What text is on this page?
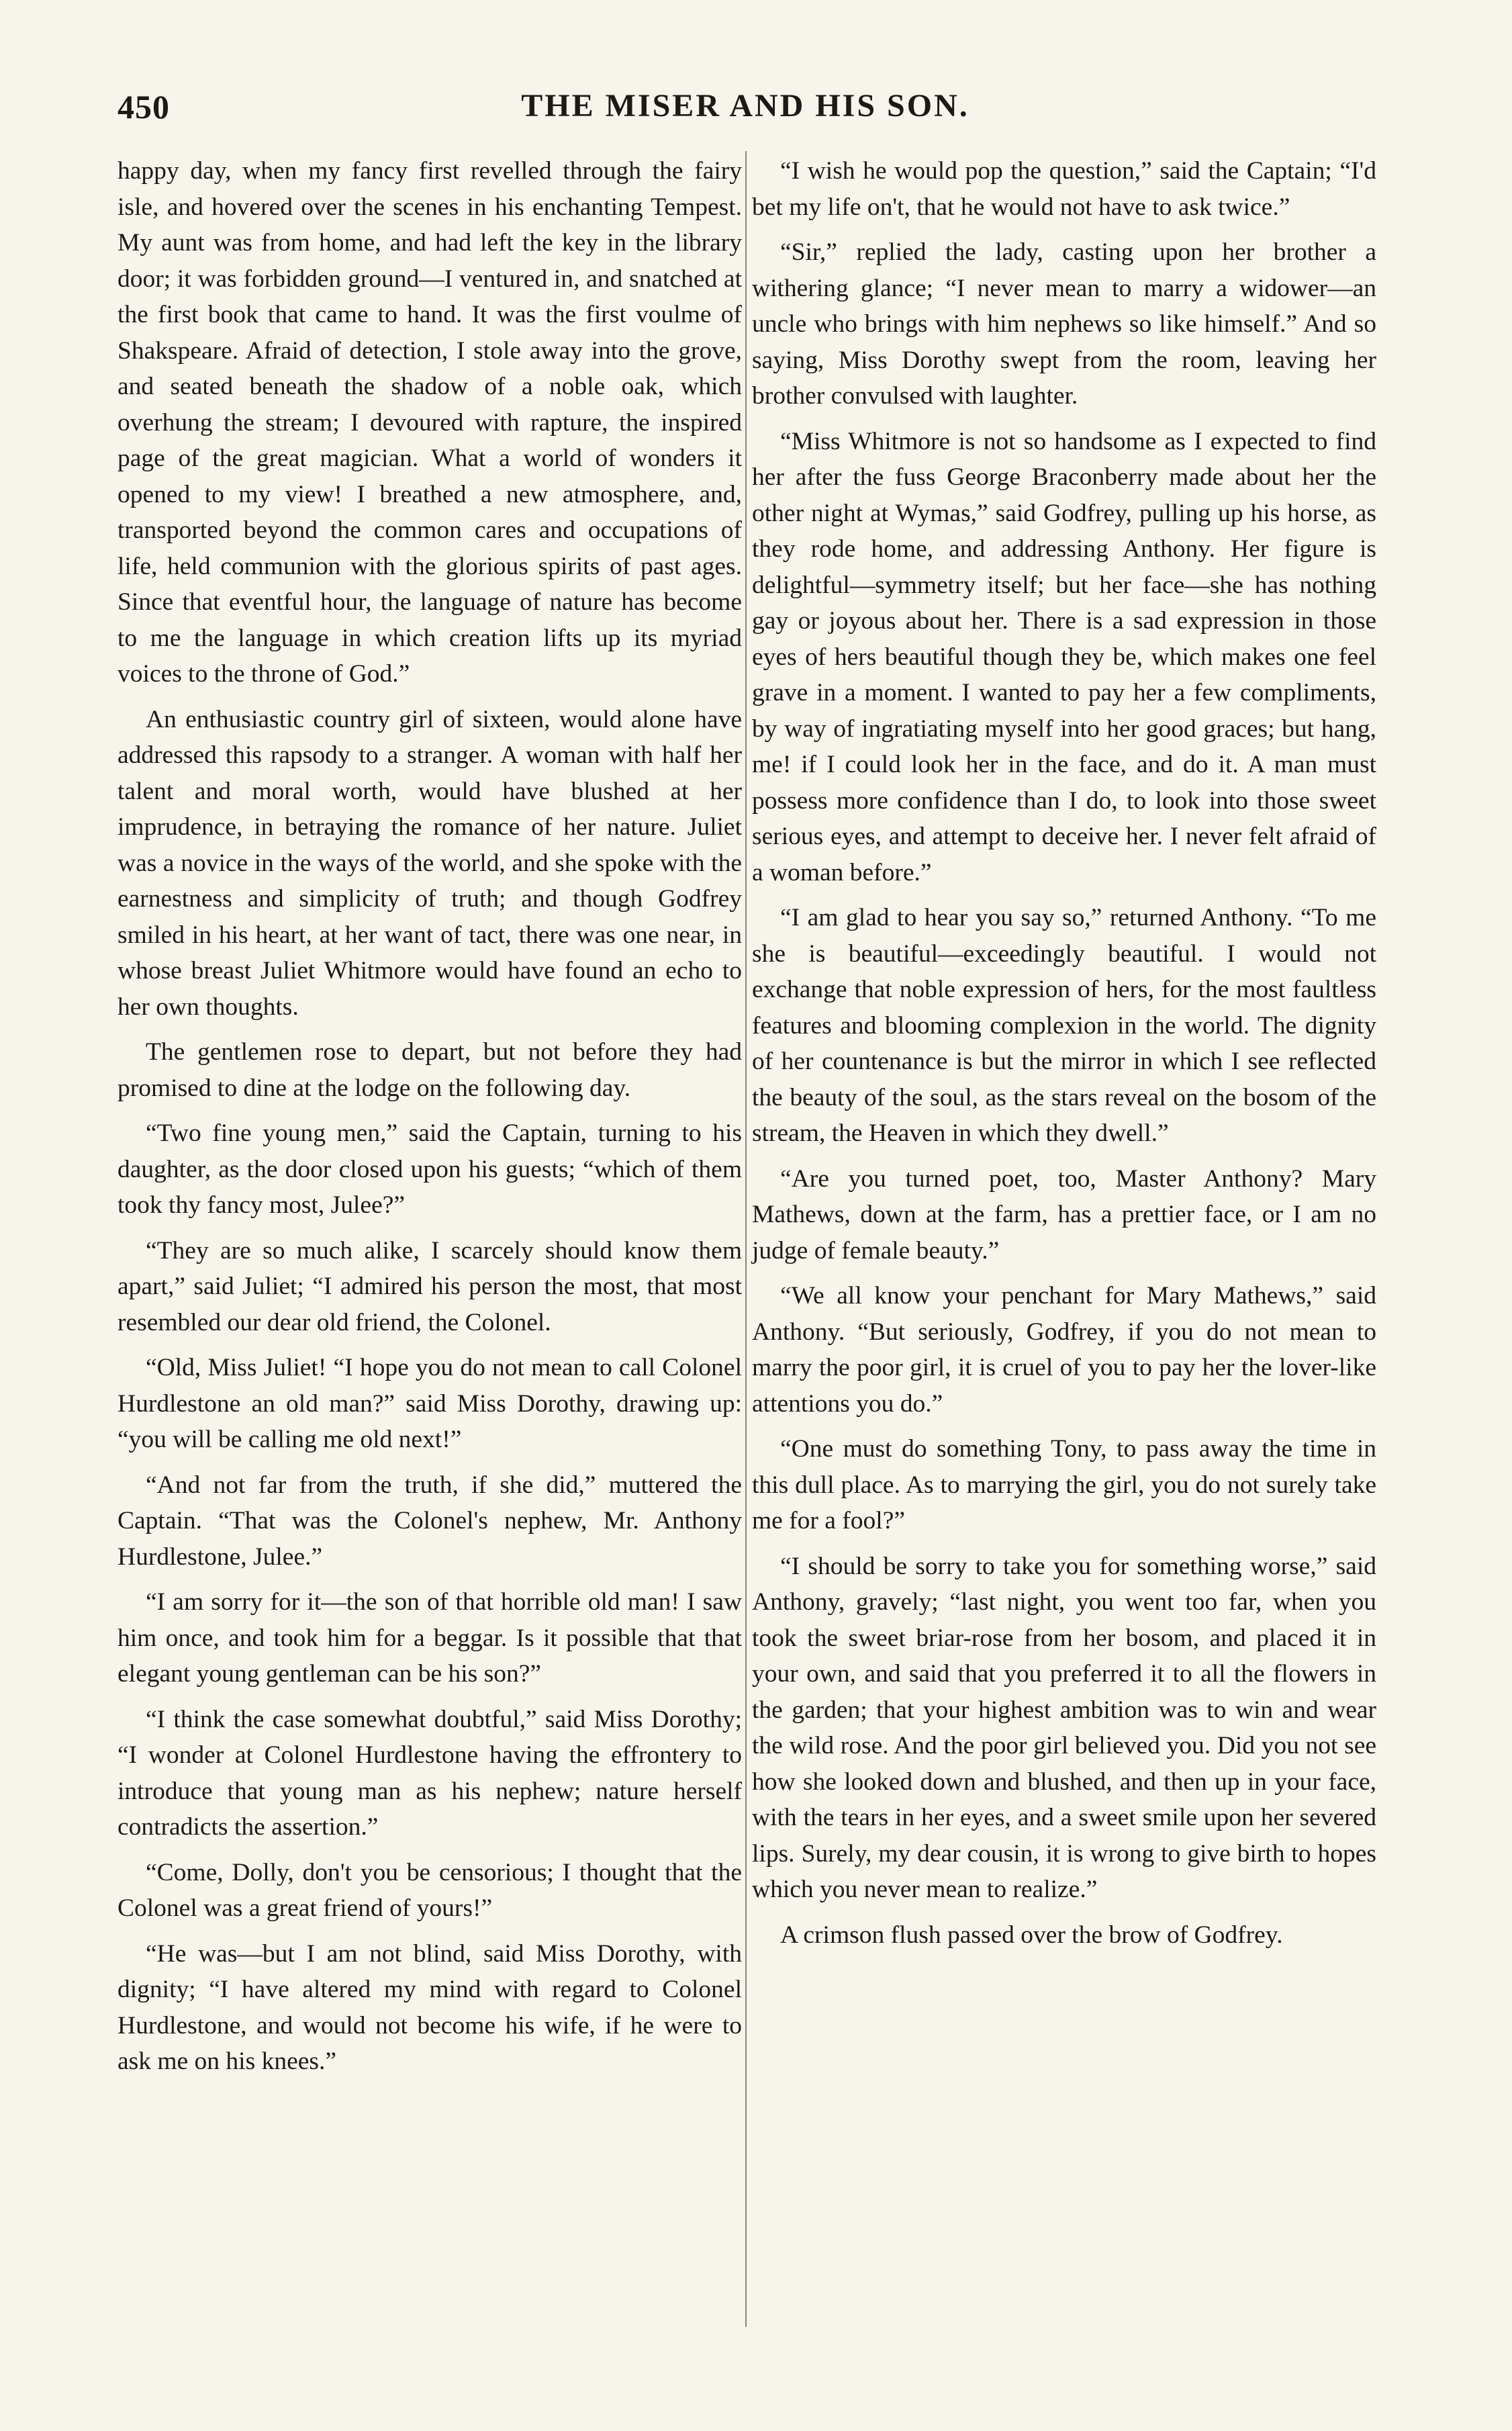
450	THE MISER AND HIS SON.

happy day, when my fancy first revelled through the fairy isle, and hovered over the scenes in his enchanting Tempest. My aunt was from home, and had left the key in the library door; it was forbidden ground—I ventured in, and snatched at the first book that came to hand. It was the first voulme of Shakspeare. Afraid of detection, I stole away into the grove, and seated beneath the shadow of a noble oak, which overhung the stream; I devoured with rapture, the inspired page of the great magician. What a world of wonders it opened to my view! I breathed a new atmosphere, and, transported beyond the common cares and occupations of life, held communion with the glorious spirits of past ages. Since that eventful hour, the language of nature has become to me the language in which creation lifts up its myriad voices to the throne of God.”

An enthusiastic country girl of sixteen, would alone have addressed this rapsody to a stranger. A woman with half her talent and moral worth, would have blushed at her imprudence, in betraying the romance of her nature. Juliet was a novice in the ways of the world, and she spoke with the earnestness and simplicity of truth; and though Godfrey smiled in his heart, at her want of tact, there was one near, in whose breast Juliet Whitmore would have found an echo to her own thoughts.

The gentlemen rose to depart, but not before they had promised to dine at the lodge on the following day.

“Two fine young men,” said the Captain, turning to his daughter, as the door closed upon his guests; “which of them took thy fancy most, Julee?”

“They are so much alike, I scarcely should know them apart,” said Juliet; “I admired his person the most, that most resembled our dear old friend, the Colonel.

“Old, Miss Juliet! “I hope you do not mean to call Colonel Hurdlestone an old man?” said Miss Dorothy, drawing up: “you will be calling me old next!”

“And not far from the truth, if she did,” muttered the Captain. “That was the Colonel's nephew, Mr. Anthony Hurdlestone, Julee.”

“I am sorry for it—the son of that horrible old man! I saw him once, and took him for a beggar. Is it possible that that elegant young gentleman can be his son?”

“I think the case somewhat doubtful,” said Miss Dorothy; “I wonder at Colonel Hurdlestone having the effrontery to introduce that young man as his nephew; nature herself contradicts the assertion.”

“Come, Dolly, don't you be censorious; I thought that the Colonel was a great friend of yours!”

“He was—but I am not blind, said Miss Dorothy, with dignity; “I have altered my mind with regard to Colonel Hurdlestone, and would not become his wife, if he were to ask me on his knees.”

“I wish he would pop the question,” said the Captain; “I'd bet my life on't, that he would not have to ask twice.”

“Sir,” replied the lady, casting upon her brother a withering glance; “I never mean to marry a widower—an uncle who brings with him nephews so like himself.” And so saying, Miss Dorothy swept from the room, leaving her brother convulsed with laughter.

“Miss Whitmore is not so handsome as I expected to find her after the fuss George Braconberry made about her the other night at Wymas,” said Godfrey, pulling up his horse, as they rode home, and addressing Anthony. Her figure is delightful—symmetry itself; but her face—she has nothing gay or joyous about her. There is a sad expression in those eyes of hers beautiful though they be, which makes one feel grave in a moment. I wanted to pay her a few compliments, by way of ingratiating myself into her good graces; but hang, me! if I could look her in the face, and do it. A man must possess more confidence than I do, to look into those sweet serious eyes, and attempt to deceive her. I never felt afraid of a woman before.”

“I am glad to hear you say so,” returned Anthony. “To me she is beautiful—exceedingly beautiful. I would not exchange that noble expression of hers, for the most faultless features and blooming complexion in the world. The dignity of her countenance is but the mirror in which I see reflected the beauty of the soul, as the stars reveal on the bosom of the stream, the Heaven in which they dwell.”

“Are you turned poet, too, Master Anthony? Mary Mathews, down at the farm, has a prettier face, or I am no judge of female beauty.”

“We all know your penchant for Mary Mathews,” said Anthony. “But seriously, Godfrey, if you do not mean to marry the poor girl, it is cruel of you to pay her the lover-like attentions you do.”

“One must do something Tony, to pass away the time in this dull place. As to marrying the girl, you do not surely take me for a fool?”

“I should be sorry to take you for something worse,” said Anthony, gravely; “last night, you went too far, when you took the sweet briar-rose from her bosom, and placed it in your own, and said that you preferred it to all the flowers in the garden; that your highest ambition was to win and wear the wild rose. And the poor girl believed you. Did you not see how she looked down and blushed, and then up in your face, with the tears in her eyes, and a sweet smile upon her severed lips. Surely, my dear cousin, it is wrong to give birth to hopes which you never mean to realize.”

A crimson flush passed over the brow of Godfrey.
